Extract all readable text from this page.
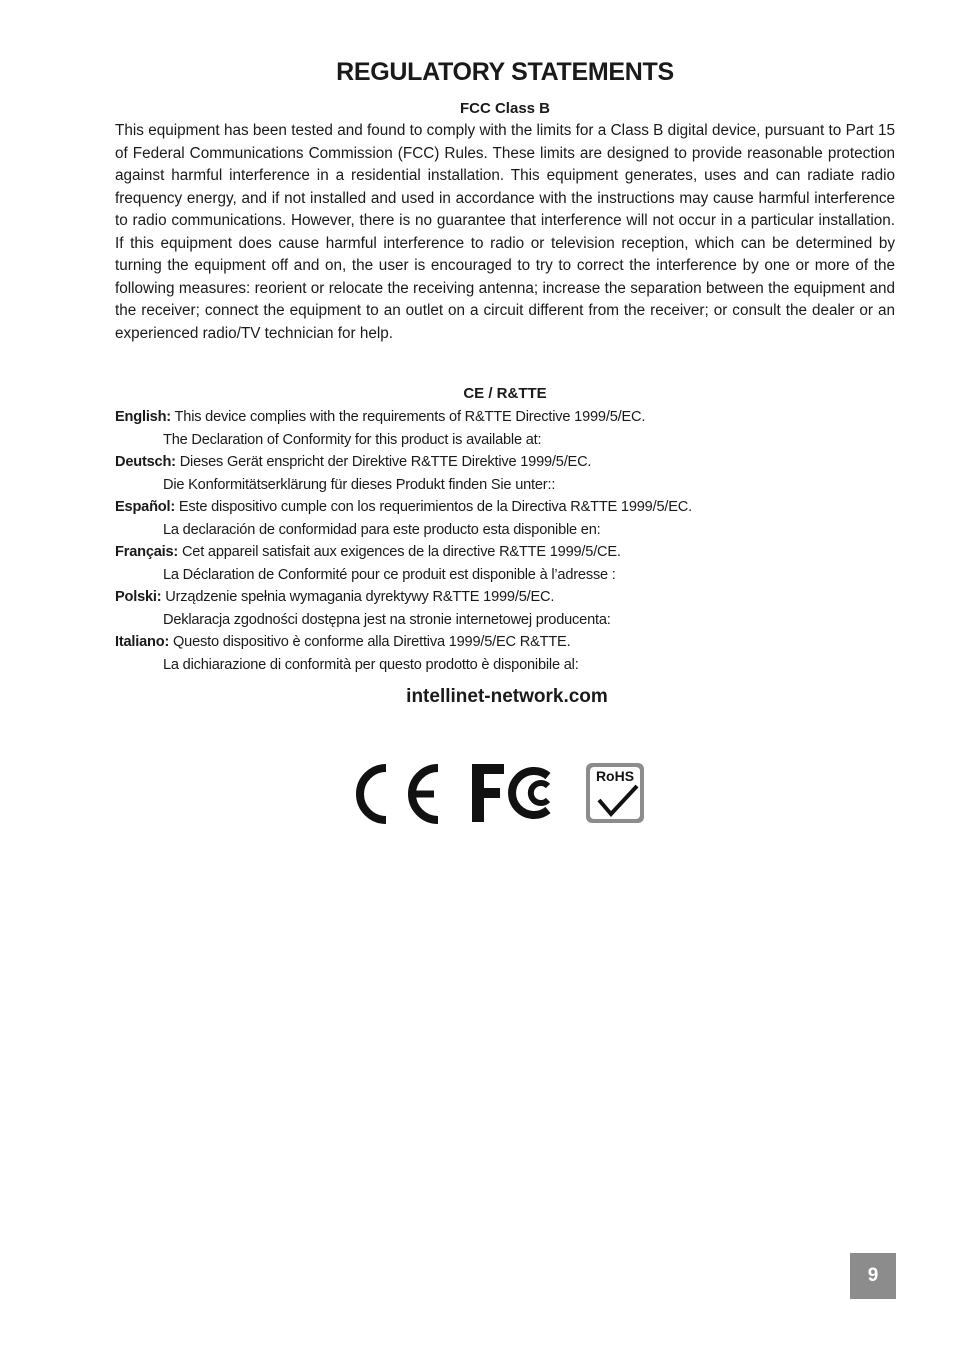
REGULATORY STATEMENTS
FCC Class B

This equipment has been tested and found to comply with the limits for a Class B digital device, pursuant to Part 15 of Federal Communications Commission (FCC) Rules. These limits are designed to provide reasonable protection against harmful interference in a residential installation. This equipment generates, uses and can radiate radio frequency energy, and if not installed and used in accordance with the instructions may cause harmful interference to radio communications. However, there is no guarantee that interference will not occur in a particular installation. If this equipment does cause harmful interference to radio or television reception, which can be determined by turning the equipment off and on, the user is encouraged to try to correct the interference by one or more of the following measures: reorient or relocate the receiving antenna; increase the separation between the equipment and the receiver; connect the equipment to an outlet on a circuit different from the receiver; or consult the dealer or an experienced radio/TV technician for help.

CE / R&TTE

English: This device complies with the requirements of R&TTE Directive 1999/5/EC.

The Declaration of Conformity for this product is available at:

Deutsch: Dieses Gerät enspricht der Direktive R&TTE Direktive 1999/5/EC.

Die Konformitätserklärung für dieses Produkt finden Sie unter::

Español: Este dispositivo cumple con los requerimientos de la Directiva R&TTE 1999/5/EC.

La declaración de conformidad para este producto esta disponible en:

Français: Cet appareil satisfait aux exigences de la directive R&TTE 1999/5/CE.

La Déclaration de Conformité pour ce produit est disponible à l’adresse :

Polski: Urządzenie spełnia wymagania dyrektywy R&TTE 1999/5/EC.

Deklaracja zgodności dostępna jest na stronie internetowej producenta:

Italiano: Questo dispositivo è conforme alla Direttiva 1999/5/EC R&TTE.

La dichiarazione di conformità per questo prodotto è disponibile al:

intellinet-network.com

RoHS
9
